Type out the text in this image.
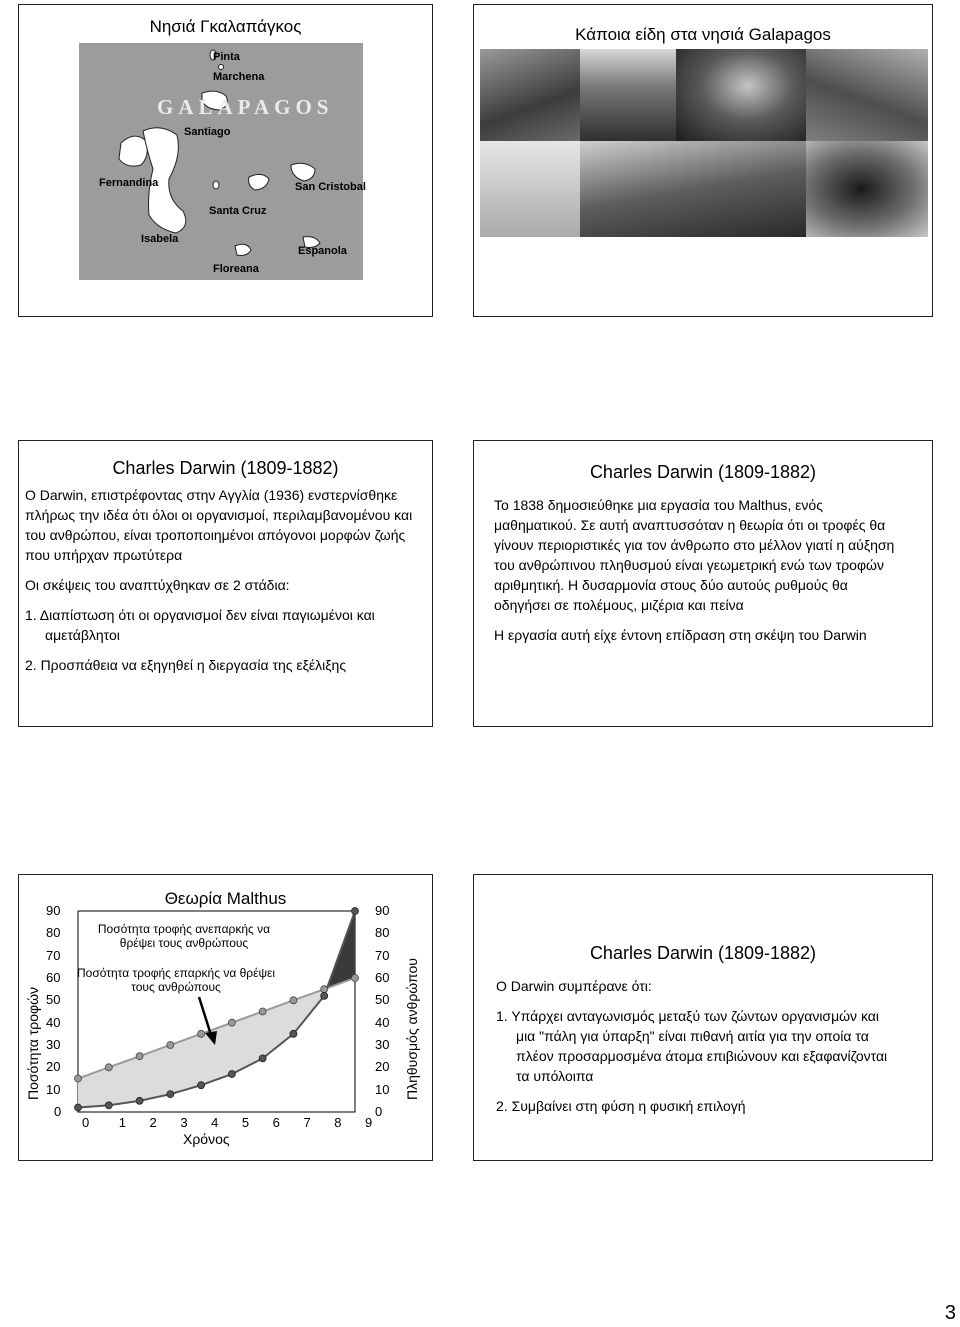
Νησιά Γκαλαπάγκος
GALAPAGOS
Pinta
Marchena
Santiago
Fernandina	San Cristobal
Santa Cruz
Isabela
Espanola
Floreana
Κάποια είδη στα νησιά Galapagos
Charles Darwin (1809-1882)

Ο Darwin, επιστρέφοντας στην Αγγλία (1936) ενστερνίσθηκε πλήρως την ιδέα ότι όλοι οι οργανισμοί, περιλαμβανομένου και του ανθρώπου, είναι τροποποιημένοι απόγονοι μορφών ζωής που υπήρχαν πρωτύτερα

Οι σκέψεις του αναπτύχθηκαν σε 2 στάδια:

1. Διαπίστωση ότι οι οργανισμοί δεν είναι παγιωμένοι και αμετάβλητοι

2. Προσπάθεια να εξηγηθεί η διεργασία της εξέλιξης

Charles Darwin (1809-1882)

Το 1838 δημοσιεύθηκε μια εργασία του Malthus, ενός μαθηματικού. Σε αυτή αναπτυσσόταν η θεωρία ότι οι τροφές θα γίνουν περιοριστικές για τον άνθρωπο στο μέλλον γιατί η αύξηση του ανθρώπινου πληθυσμού είναι γεωμετρική ενώ των τροφών αριθμητική. Η δυσαρμονία στους δύο αυτούς ρυθμούς θα οδηγήσει σε πολέμους, μιζέρια και πείνα

Η εργασία αυτή είχε έντονη επίδραση στη σκέψη του Darwin

Θεωρία Malthus
Ποσότητα τροφών	Πληθυσμός ανθρώπου
Χρόνος
0	0
10	10
20	20
30	30
40	40
50	50
60	60
70	70
80	80
90	90
0 1 2 3 4 5 6 7 8 9
Ποσότητα τροφής ανεπαρκής να θρέψει τους ανθρώπους
Ποσότητα τροφής επαρκής να θρέψει τους ανθρώπους
Charles Darwin (1809-1882)

Ο Darwin συμπέρανε ότι:

1. Υπάρχει ανταγωνισμός μεταξύ των ζώντων οργανισμών και μια "πάλη για ύπαρξη" είναι πιθανή αιτία για την οποία τα πλέον προσαρμοσμένα άτομα επιβιώνουν και εξαφανίζονται τα υπόλοιπα

2. Συμβαίνει στη φύση η φυσική επιλογή

3
